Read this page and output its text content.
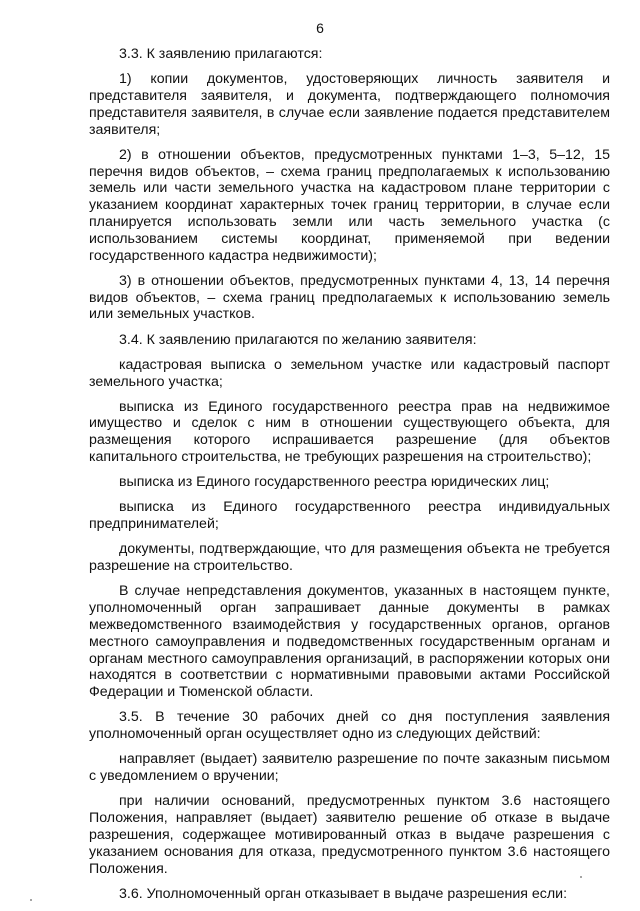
6

3.3. К заявлению прилагаются:

1) копии документов, удостоверяющих личность заявителя и представителя заявителя, и документа, подтверждающего полномочия представителя заявителя, в случае если заявление подается представителем заявителя;

2) в отношении объектов, предусмотренных пунктами 1–3, 5–12, 15 перечня видов объектов, – схема границ предполагаемых к использованию земель или части земельного участка на кадастровом плане территории с указанием координат характерных точек границ территории, в случае если планируется использовать земли или часть земельного участка (с использованием системы координат, применяемой при ведении государственного кадастра недвижимости);

3) в отношении объектов, предусмотренных пунктами 4, 13, 14 перечня видов объектов, – схема границ предполагаемых к использованию земель или земельных участков.

3.4. К заявлению прилагаются по желанию заявителя:

кадастровая выписка о земельном участке или кадастровый паспорт земельного участка;

выписка из Единого государственного реестра прав на недвижимое имущество и сделок с ним в отношении существующего объекта, для размещения которого испрашивается разрешение (для объектов капитального строительства, не требующих разрешения на строительство);

выписка из Единого государственного реестра юридических лиц;

выписка из Единого государственного реестра индивидуальных предпринимателей;

документы, подтверждающие, что для размещения объекта не требуется разрешение на строительство.

В случае непредставления документов, указанных в настоящем пункте, уполномоченный орган запрашивает данные документы в рамках межведомственного взаимодействия у государственных органов, органов местного самоуправления и подведомственных государственным органам и органам местного самоуправления организаций, в распоряжении которых они находятся в соответствии с нормативными правовыми актами Российской Федерации и Тюменской области.

3.5. В течение 30 рабочих дней со дня поступления заявления уполномоченный орган осуществляет одно из следующих действий:

направляет (выдает) заявителю разрешение по почте заказным письмом с уведомлением о вручении;

при наличии оснований, предусмотренных пунктом 3.6 настоящего Положения, направляет (выдает) заявителю решение об отказе в выдаче разрешения, содержащее мотивированный отказ в выдаче разрешения с указанием основания для отказа, предусмотренного пунктом 3.6 настоящего Положения.

3.6. Уполномоченный орган отказывает в выдаче разрешения если:
